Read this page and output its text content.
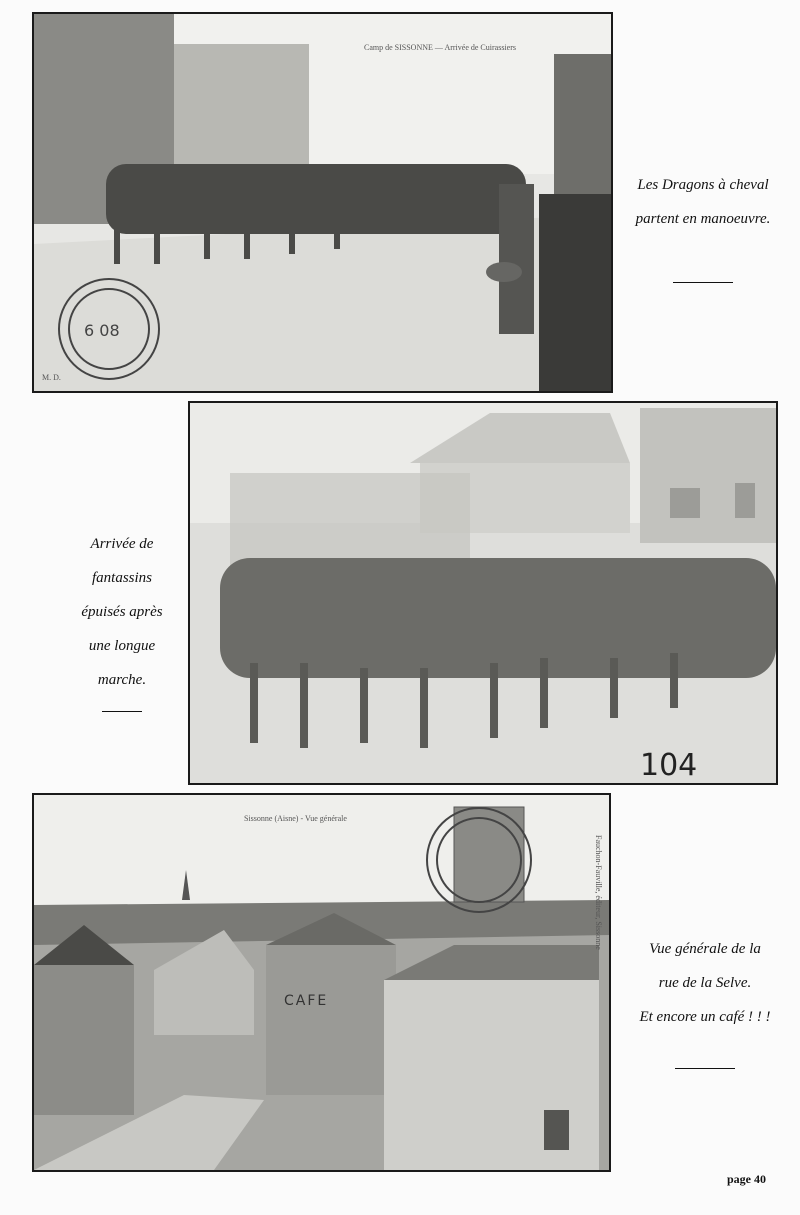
Camp de SISSONNE — Arrivée de Cuirassiers
M. D.
6 08
Les Dragons à cheval
partent en manoeuvre.
104
Arrivée de
fantassins
épuisés après
une longue
marche.
CAFE
Sissonne (Aisne) - Vue générale
Fauchon-Fauville, éditeur, Sissonne	Vue générale de la
rue de la Selve.
Et encore un café ! ! !
page 40
